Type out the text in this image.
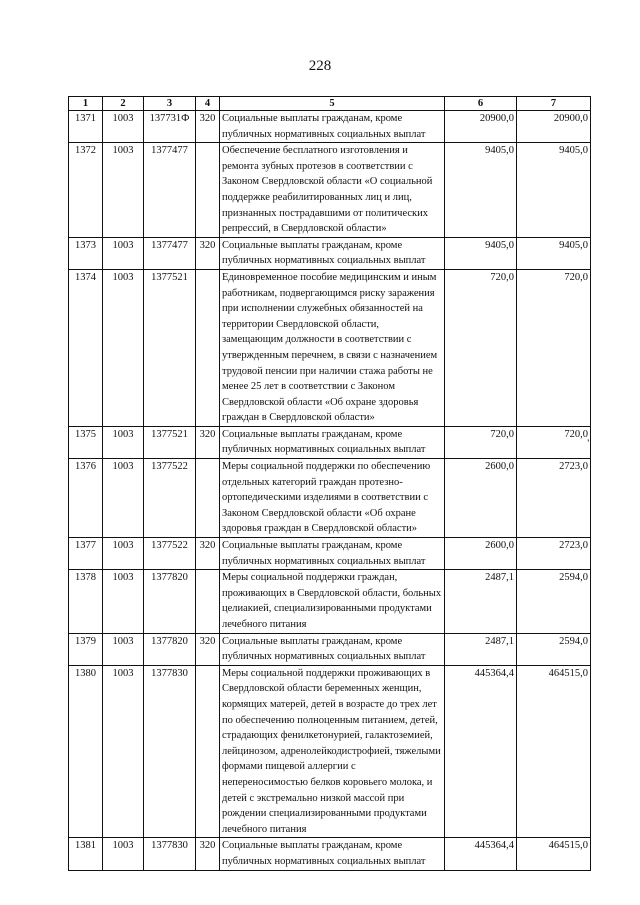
228
1	2	3	4	5	6	7
1371	1003	137731Ф	320	Социальные выплаты гражданам, кроме публичных нормативных социальных выплат	20900,0	20900,0
1372	1003	1377477		Обеспечение бесплатного изготовления и ремонта зубных протезов в соответствии с Законом Свердловской области «О социальной поддержке реабилитированных лиц и лиц, признанных пострадавшими от политических репрессий, в Свердловской области»	9405,0	9405,0
1373	1003	1377477	320	Социальные выплаты гражданам, кроме публичных нормативных социальных выплат	9405,0	9405,0
1374	1003	1377521		Единовременное пособие медицинским и иным работникам, подвергающимся риску заражения при исполнении служебных обязанностей на территории Свердловской области, замещающим должности в соответствии с утвержденным перечнем, в связи с назначением трудовой пенсии при наличии стажа работы не менее 25 лет в соответствии с Законом Свердловской области «Об охране здоровья граждан в Свердловской области»	720,0	720,0
1375	1003	1377521	320	Социальные выплаты гражданам, кроме публичных нормативных социальных выплат	720,0	720,0
1376	1003	1377522		Меры социальной поддержки по обеспечению отдельных категорий граждан протезно-ортопедическими изделиями в соответствии с Законом Свердловской области «Об охране здоровья граждан в Свердловской области»	2600,0	2723,0
1377	1003	1377522	320	Социальные выплаты гражданам, кроме публичных нормативных социальных выплат	2600,0	2723,0
1378	1003	1377820		Меры социальной поддержки граждан, проживающих в Свердловской области, больных целиакией, специализированными продуктами лечебного питания	2487,1	2594,0
1379	1003	1377820	320	Социальные выплаты гражданам, кроме публичных нормативных социальных выплат	2487,1	2594,0
1380	1003	1377830		Меры социальной поддержки проживающих в Свердловской области беременных женщин, кормящих матерей, детей в возрасте до трех лет по обеспечению полноценным питанием, детей, страдающих фенилкетонурией, галактоземией, лейцинозом, адренолейкодистрофией, тяжелыми формами пищевой аллергии с непереносимостью белков коровьего молока, и детей с экстремально низкой массой при рождении специализированными продуктами лечебного питания	445364,4	464515,0
1381	1003	1377830	320	Социальные выплаты гражданам, кроме публичных нормативных социальных выплат	445364,4	464515,0
'
